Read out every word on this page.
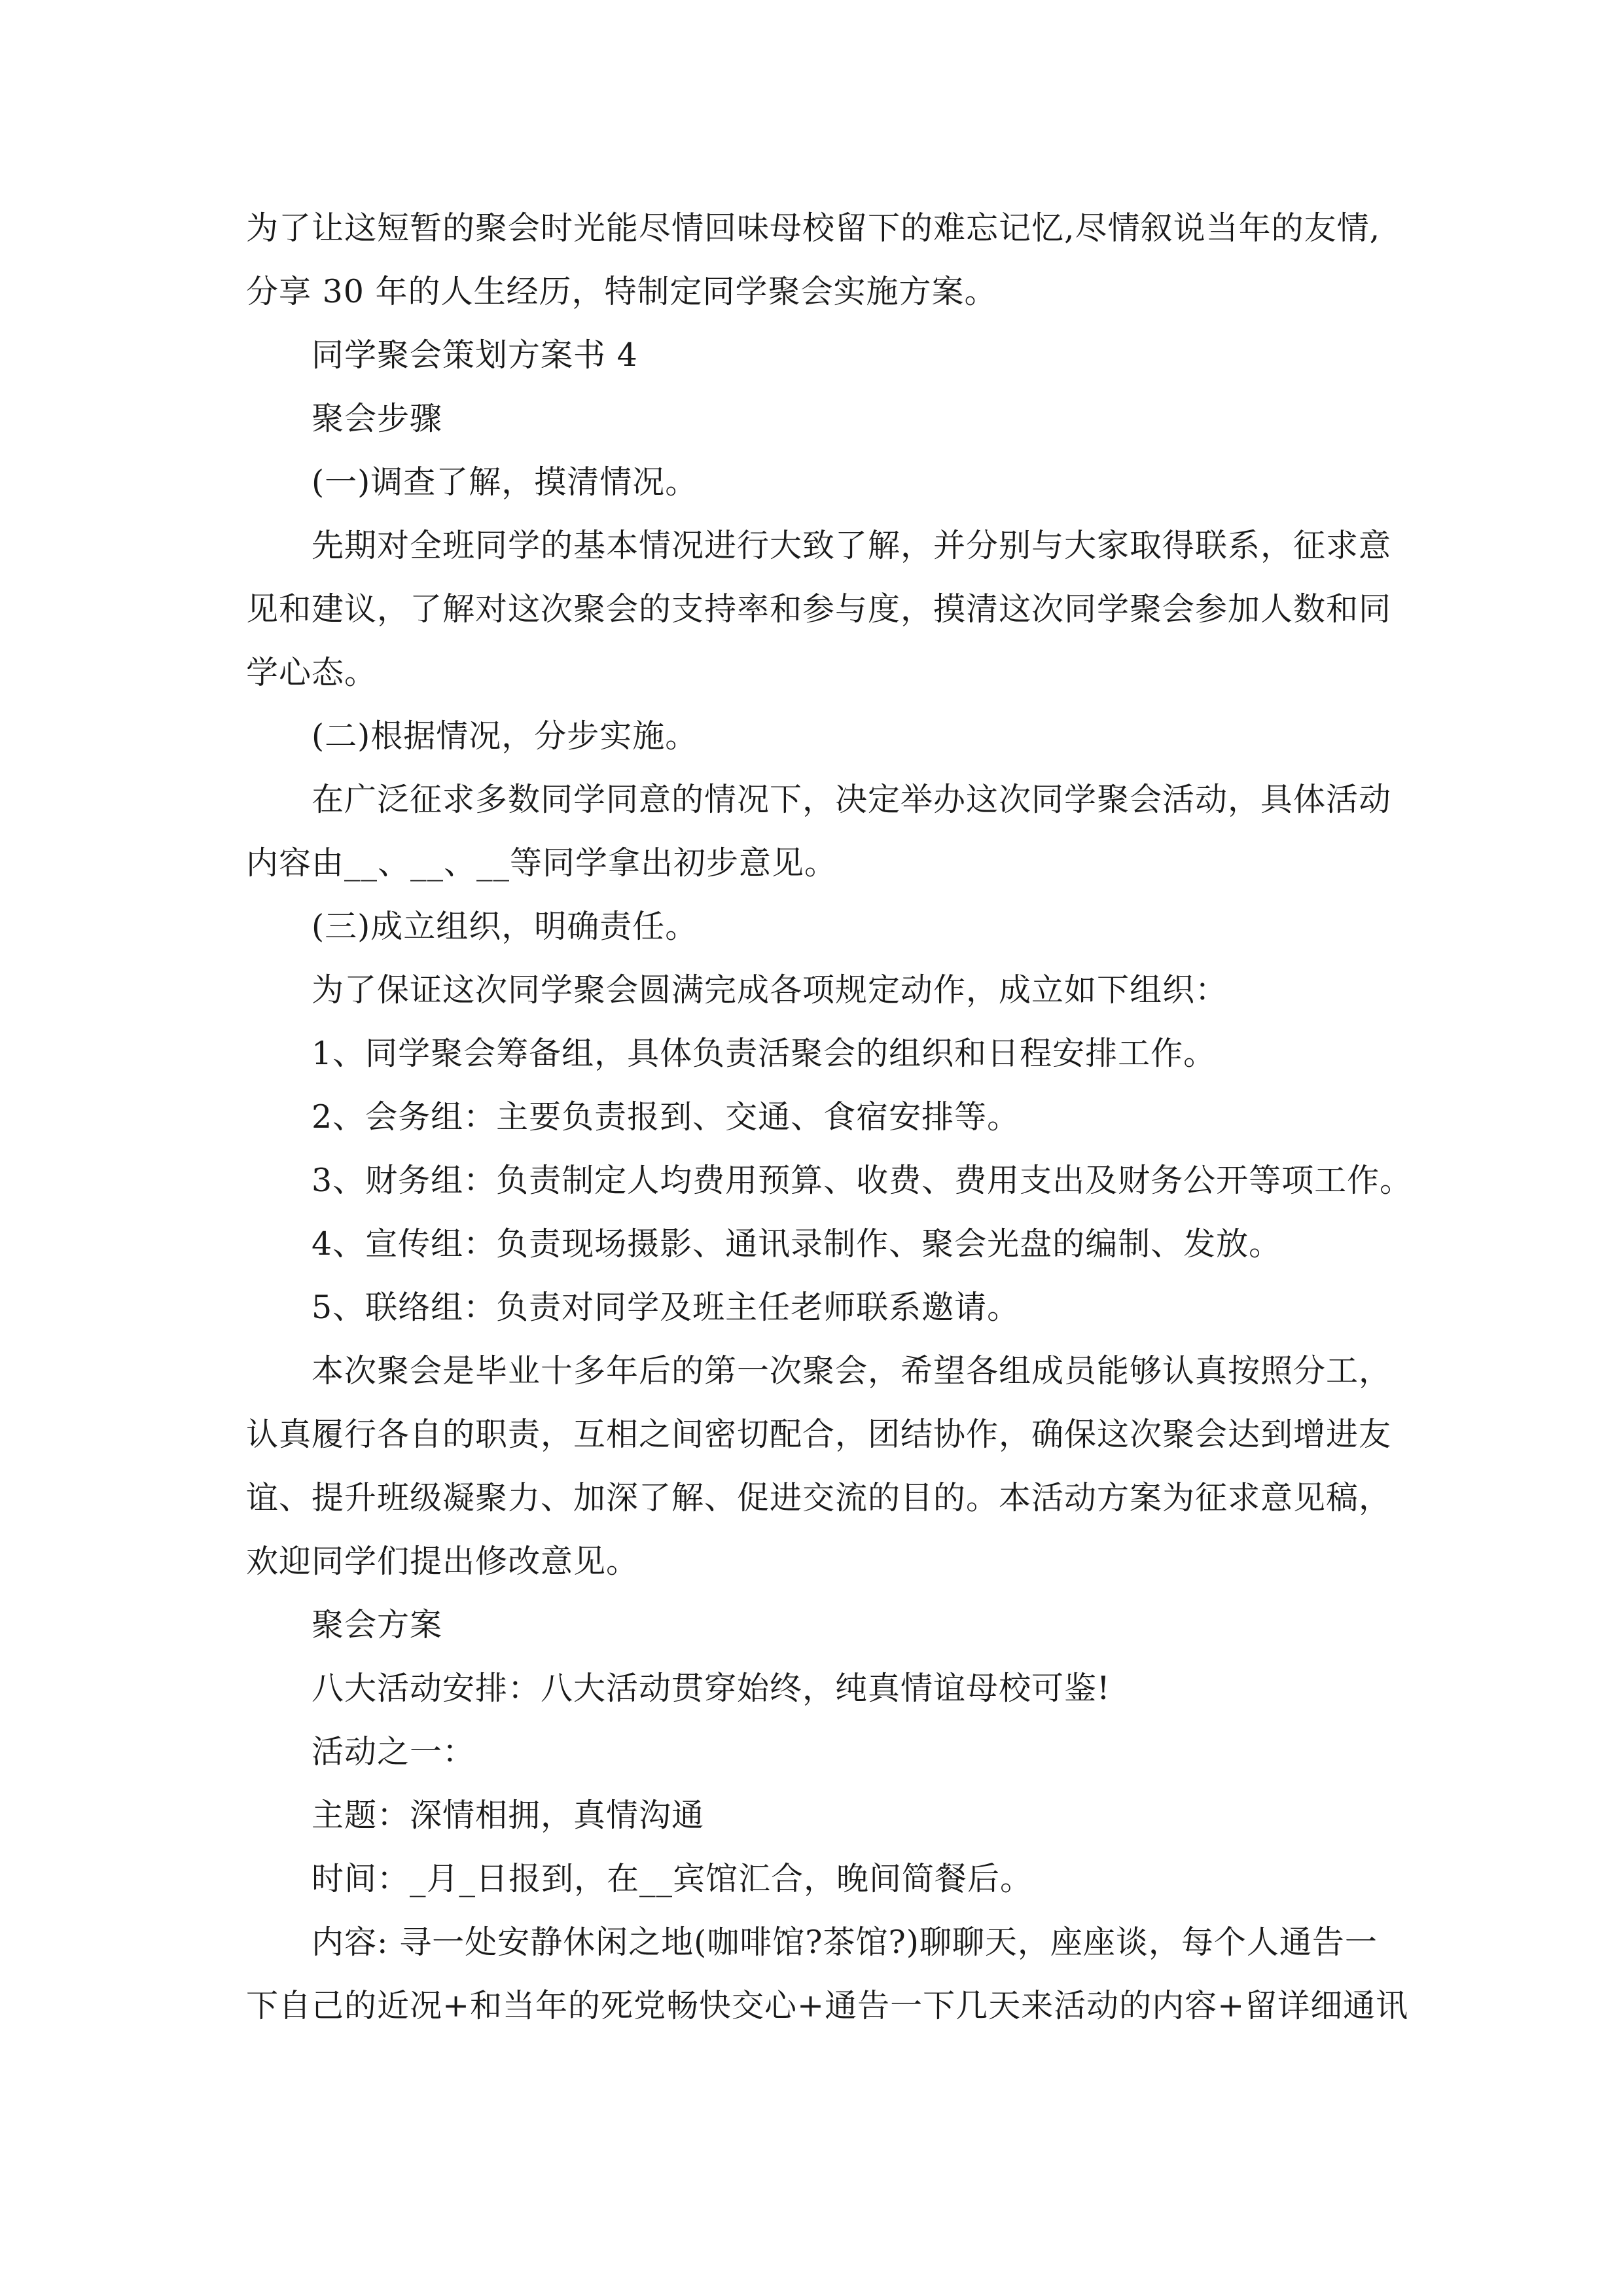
为了让这短暂的聚会时光能尽情回味母校留下的难忘记忆,尽情叙说当年的友情,

分享 30 年的人生经历，特制定同学聚会实施方案。

同学聚会策划方案书 4

聚会步骤

(一)调查了解，摸清情况。

先期对全班同学的基本情况进行大致了解，并分别与大家取得联系，征求意

见和建议，了解对这次聚会的支持率和参与度，摸清这次同学聚会参加人数和同

学心态。

(二)根据情况，分步实施。

在广泛征求多数同学同意的情况下，决定举办这次同学聚会活动，具体活动

内容由__、__、__等同学拿出初步意见。

(三)成立组织，明确责任。

为了保证这次同学聚会圆满完成各项规定动作，成立如下组织：

1、同学聚会筹备组，具体负责活聚会的组织和日程安排工作。

2、会务组：主要负责报到、交通、食宿安排等。

3、财务组：负责制定人均费用预算、收费、费用支出及财务公开等项工作。

4、宣传组：负责现场摄影、通讯录制作、聚会光盘的编制、发放。

5、联络组：负责对同学及班主任老师联系邀请。

本次聚会是毕业十多年后的第一次聚会，希望各组成员能够认真按照分工，

认真履行各自的职责，互相之间密切配合，团结协作，确保这次聚会达到增进友

谊、提升班级凝聚力、加深了解、促进交流的目的。本活动方案为征求意见稿，

欢迎同学们提出修改意见。

聚会方案

八大活动安排：八大活动贯穿始终，纯真情谊母校可鉴!

活动之一：

主题：深情相拥，真情沟通

时间：_月_日报到，在__宾馆汇合，晚间简餐后。

内容: 寻一处安静休闲之地(咖啡馆?茶馆?)聊聊天，座座谈，每个人通告一

下自己的近况+和当年的死党畅快交心+通告一下几天来活动的内容+留详细通讯
